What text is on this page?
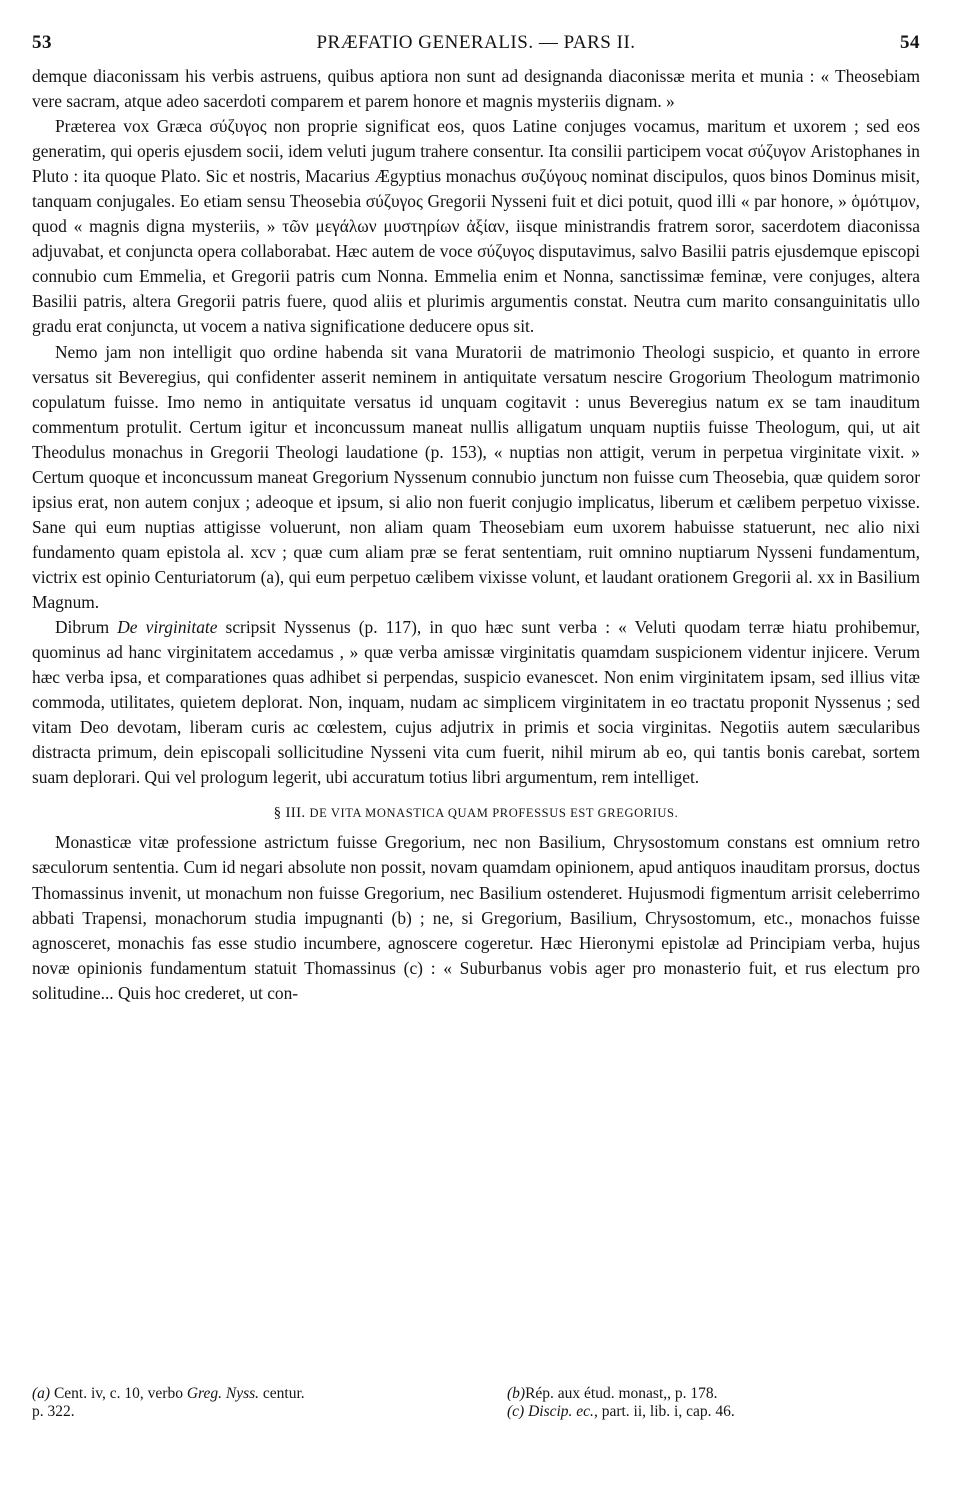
53	PRÆFATIO GENERALIS. — PARS II.	54

demque diaconissam his verbis astruens, quibus aptiora non sunt ad designanda diaconissæ merita et munia : « Theosebiam vere sacram, atque adeo sacerdoti comparem et parem honore et magnis mysteriis dignam. »

Præterea vox Græca σύζυγος non proprie significat eos, quos Latine conjuges vocamus, maritum et uxorem ; sed eos generatim, qui operis ejusdem socii, idem veluti jugum trahere consentur. Ita consilii participem vocat σύζυγον Aristophanes in Pluto : ita quoque Plato. Sic et nostris, Macarius Ægyptius monachus συζύγους nominat discipulos, quos binos Dominus misit, tanquam conjugales. Eo etiam sensu Theosebia σύζυγος Gregorii Nysseni fuit et dici potuit, quod illi « par honore, » ὁμότιμον, quod « magnis digna mysteriis, » τῶν μεγάλων μυστηρίων ἀξίαν, iisque ministrandis fratrem soror, sacerdotem diaconissa adjuvabat, et conjuncta opera collaborabat. Hæc autem de voce σύζυγος disputavimus, salvo Basilii patris ejusdemque episcopi connubio cum Emmelia, et Gregorii patris cum Nonna. Emmelia enim et Nonna, sanctissimæ feminæ, vere conjuges, altera Basilii patris, altera Gregorii patris fuere, quod aliis et plurimis argumentis constat. Neutra cum marito consanguinitatis ullo gradu erat conjuncta, ut vocem a nativa significatione deducere opus sit.

Nemo jam non intelligit quo ordine habenda sit vana Muratorii de matrimonio Theologi suspicio, et quanto in errore versatus sit Beveregius, qui confidenter asserit neminem in antiquitate versatum nescire Grogorium Theologum matrimonio copulatum fuisse. Imo nemo in antiquitate versatus id unquam cogitavit : unus Beveregius natum ex se tam inauditum commentum protulit. Certum igitur et inconcussum maneat nullis alligatum unquam nuptiis fuisse Theologum, qui, ut ait Theodulus monachus in Gregorii Theologi laudatione (p. 153), « nuptias non attigit, verum in perpetua virginitate vixit. » Certum quoque et inconcussum maneat Gregorium Nyssenum connubio junctum non fuisse cum Theosebia, quæ quidem soror ipsius erat, non autem conjux ; adeoque et ipsum, si alio non fuerit conjugio implicatus, liberum et cælibem perpetuo vixisse. Sane qui eum nuptias attigisse voluerunt, non aliam quam Theosebiam eum uxorem habuisse statuerunt, nec alio nixi fundamento quam epistola al. xcv ; quæ cum aliam præ se ferat sententiam, ruit omnino nuptiarum Nysseni fundamentum, victrix est opinio Centuriatorum (a), qui eum perpetuo cælibem vixisse volunt, et laudant orationem Gregorii al. xx in Basilium Magnum.

Dibrum De virginitate scripsit Nyssenus (p. 117), in quo hæc sunt verba : « Veluti quodam terræ hiatu prohibemur, quominus ad hanc virginitatem accedamus , » quæ verba amissæ virginitatis quamdam suspicionem videntur injicere. Verum hæc verba ipsa, et comparationes quas adhibet si perpendas, suspicio evanescet. Non enim virginitatem ipsam, sed illius vitæ commoda, utilitates, quietem deplorat. Non, inquam, nudam ac simplicem virginitatem in eo tractatu proponit Nyssenus ; sed vitam Deo devotam, liberam curis ac cœlestem, cujus adjutrix in primis et socia virginitas. Negotiis autem sæcularibus distracta primum, dein episcopali sollicitudine Nysseni vita cum fuerit, nihil mirum ab eo, qui tantis bonis carebat, sortem suam deplorari. Qui vel prologum legerit, ubi accuratum totius libri argumentum, rem intelliget.

§ III. DE VITA MONASTICA QUAM PROFESSUS EST GREGORIUS.

Monasticæ vitæ professione astrictum fuisse Gregorium, nec non Basilium, Chrysostomum constans est omnium retro sæculorum sententia. Cum id negari absolute non possit, novam quamdam opinionem, apud antiquos inauditam prorsus, doctus Thomassinus invenit, ut monachum non fuisse Gregorium, nec Basilium ostenderet. Hujusmodi figmentum arrisit celeberrimo abbati Trapensi, monachorum studia impugnanti (b) ; ne, si Gregorium, Basilium, Chrysostomum, etc., monachos fuisse agnosceret, monachis fas esse studio incumbere, agnoscere cogeretur. Hæc Hieronymi epistolæ ad Principiam verba, hujus novæ opinionis fundamentum statuit Thomassinus (c) : « Suburbanus vobis ager pro monasterio fuit, et rus electum pro solitudine... Quis hoc crederet, ut con-

(a) Cent. iv, c. 10, verbo Greg. Nyss. centur.
p. 322.
(b)Rép. aux étud. monast,, p. 178.
(c) Discip. ec., part. ii, lib. i, cap. 46.
